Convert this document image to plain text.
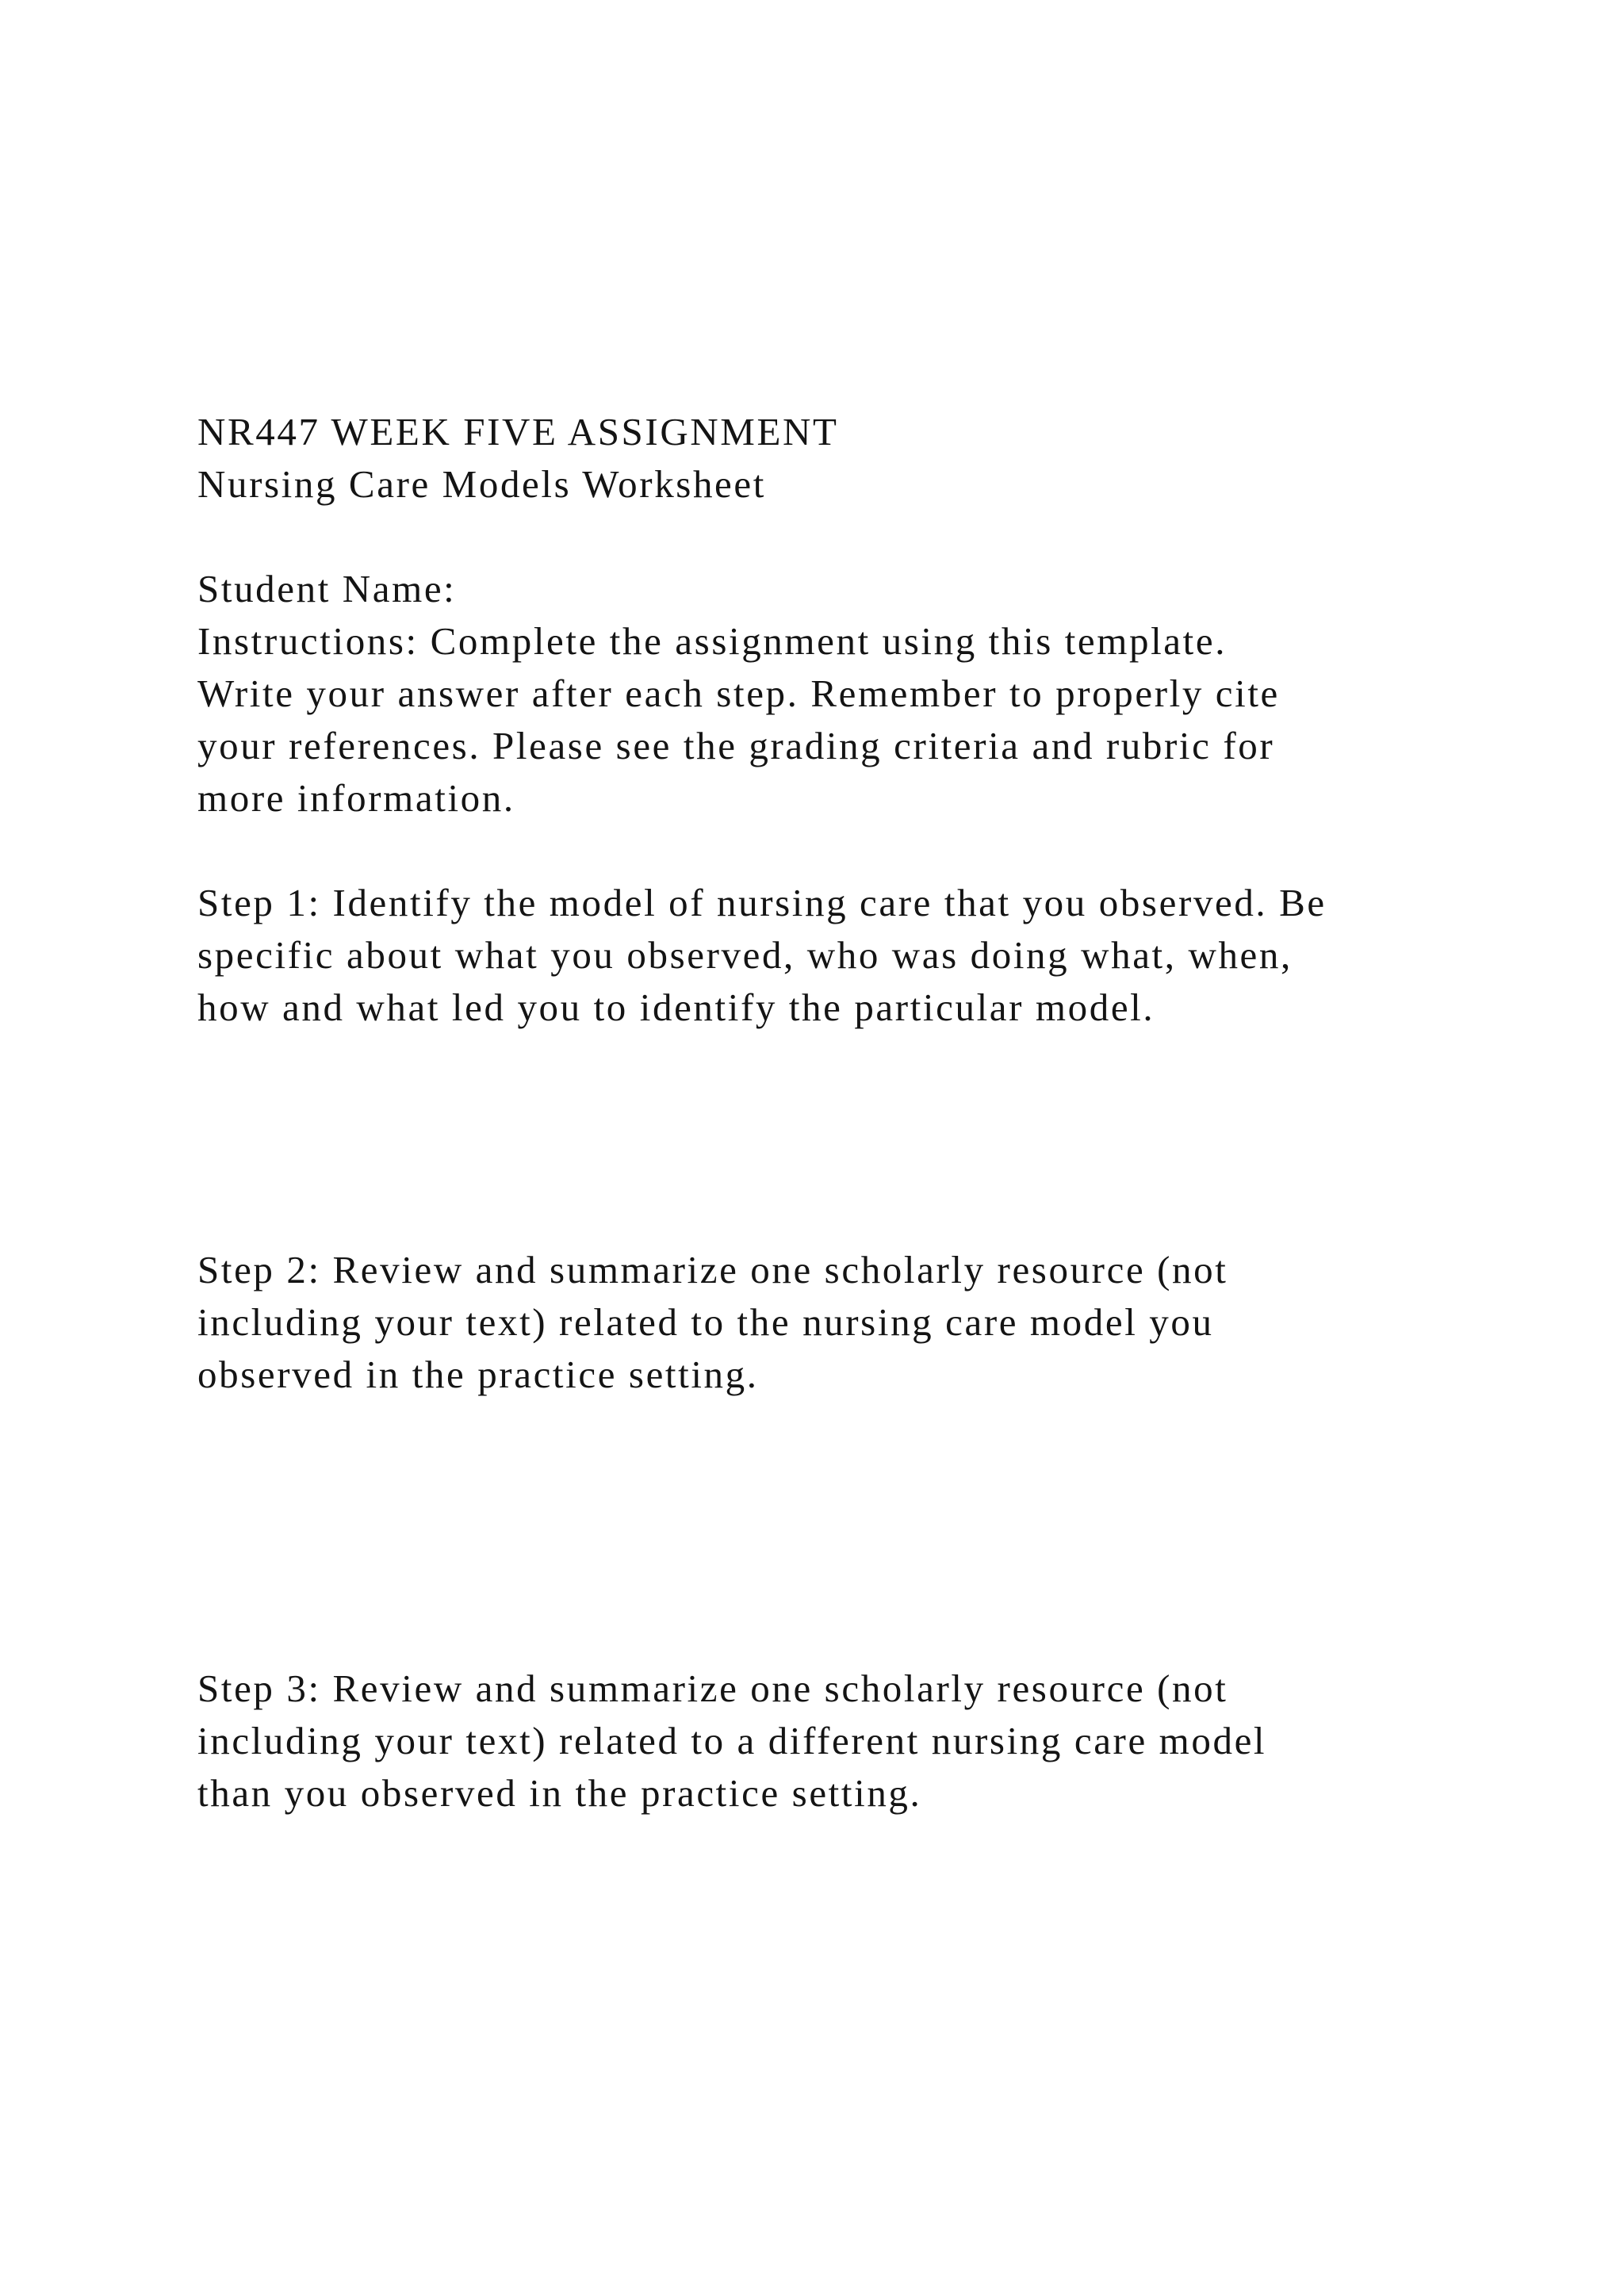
NR447 WEEK FIVE ASSIGNMENT
Nursing Care Models Worksheet

Student Name:

Instructions: Complete the assignment using this template.

Write your answer after each step. Remember to properly cite

your references. Please see the grading criteria and rubric for

more information.

Step 1: Identify the model of nursing care that you observed. Be

specific about what you observed, who was doing what, when,

how and what led you to identify the particular model.

Step 2: Review and summarize one scholarly resource (not

including your text) related to the nursing care model you

observed in the practice setting.

Step 3: Review and summarize one scholarly resource (not

including your text) related to a different nursing care model

than you observed in the practice setting.
